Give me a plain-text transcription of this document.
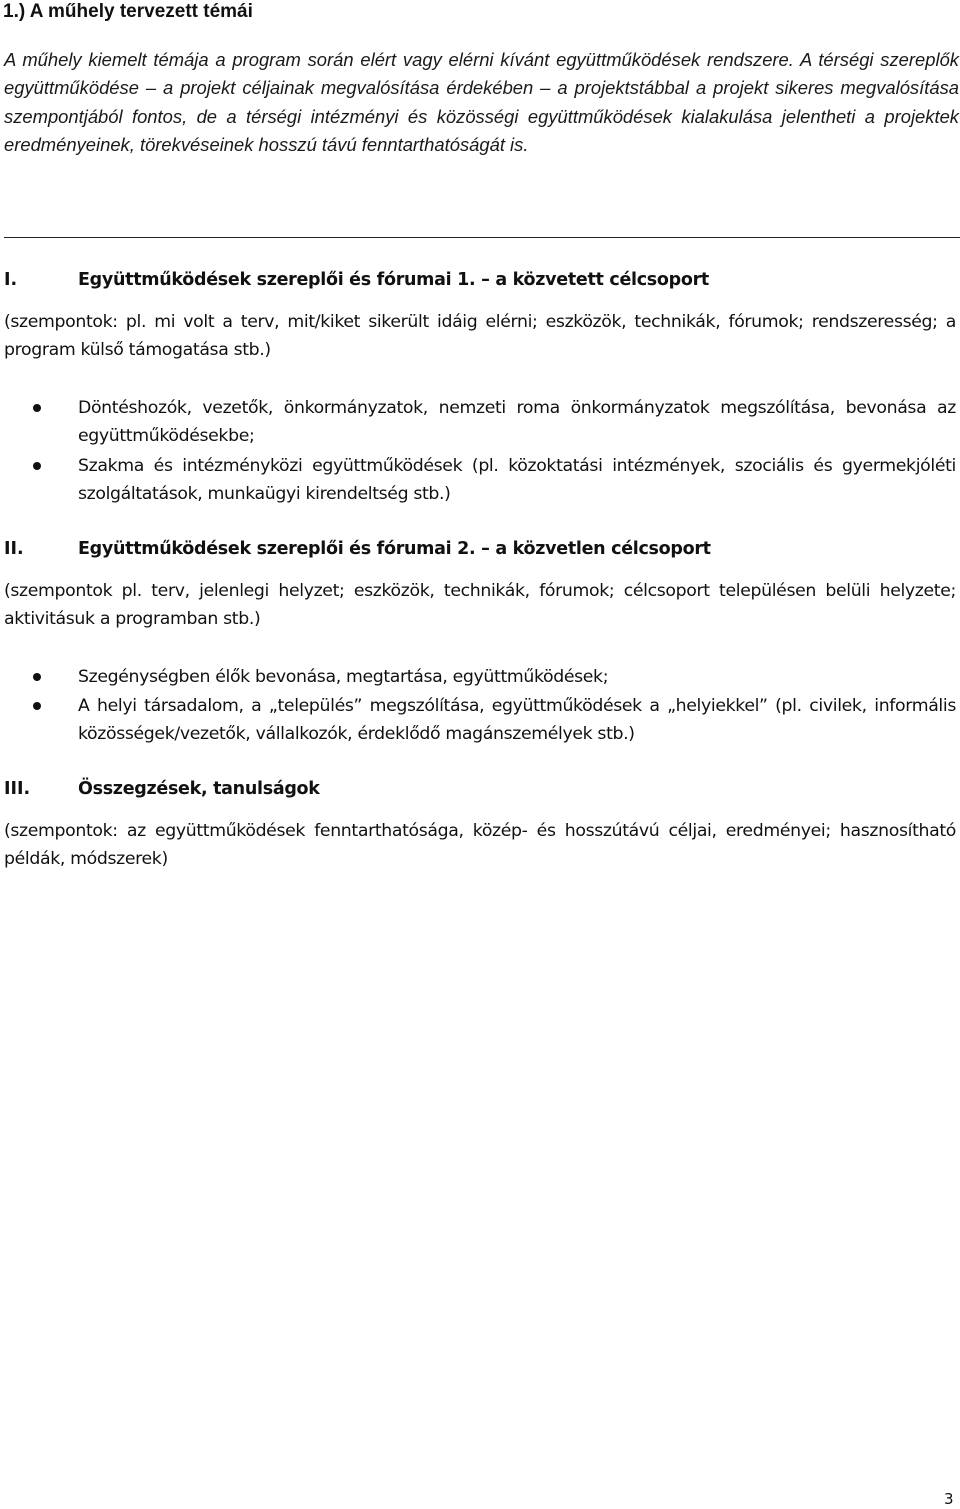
1.) A műhely tervezett témái
A műhely kiemelt témája a program során elért vagy elérni kívánt együttműködések rendszere. A térségi szereplők együttműködése – a projekt céljainak megvalósítása érdekében – a projektstábbal a projekt sikeres megvalósítása szempontjából fontos, de a térségi intézményi és közösségi együttműködések kialakulása jelentheti a projektek eredményeinek, törekvéseinek hosszú távú fenntarthatóságát is.
I.	Együttműködések szereplői és fórumai 1. – a közvetett célcsoport
(szempontok: pl. mi volt a terv, mit/kiket sikerült idáig elérni; eszközök, technikák, fórumok; rendszeresség; a program külső támogatása stb.)
Döntéshozók, vezetők, önkormányzatok, nemzeti roma önkormányzatok megszólítása, bevonása az együttműködésekbe;
Szakma és intézményközi együttműködések (pl. közoktatási intézmények, szociális és gyermekjóléti szolgáltatások, munkaügyi kirendeltség stb.)
II.	Együttműködések szereplői és fórumai 2. – a közvetlen célcsoport
(szempontok pl. terv, jelenlegi helyzet; eszközök, technikák, fórumok; célcsoport településen belüli helyzete; aktivitásuk a programban stb.)
Szegénységben élők bevonása, megtartása, együttműködések;
A helyi társadalom, a „település” megszólítása, együttműködések a „helyiekkel” (pl. civilek, informális közösségek/vezetők, vállalkozók, érdeklődő magánszemélyek stb.)
III.	Összegzések, tanulságok
(szempontok: az együttműködések fenntarthatósága, közép- és hosszútávú céljai, eredményei; hasznosítható példák, módszerek)
3
